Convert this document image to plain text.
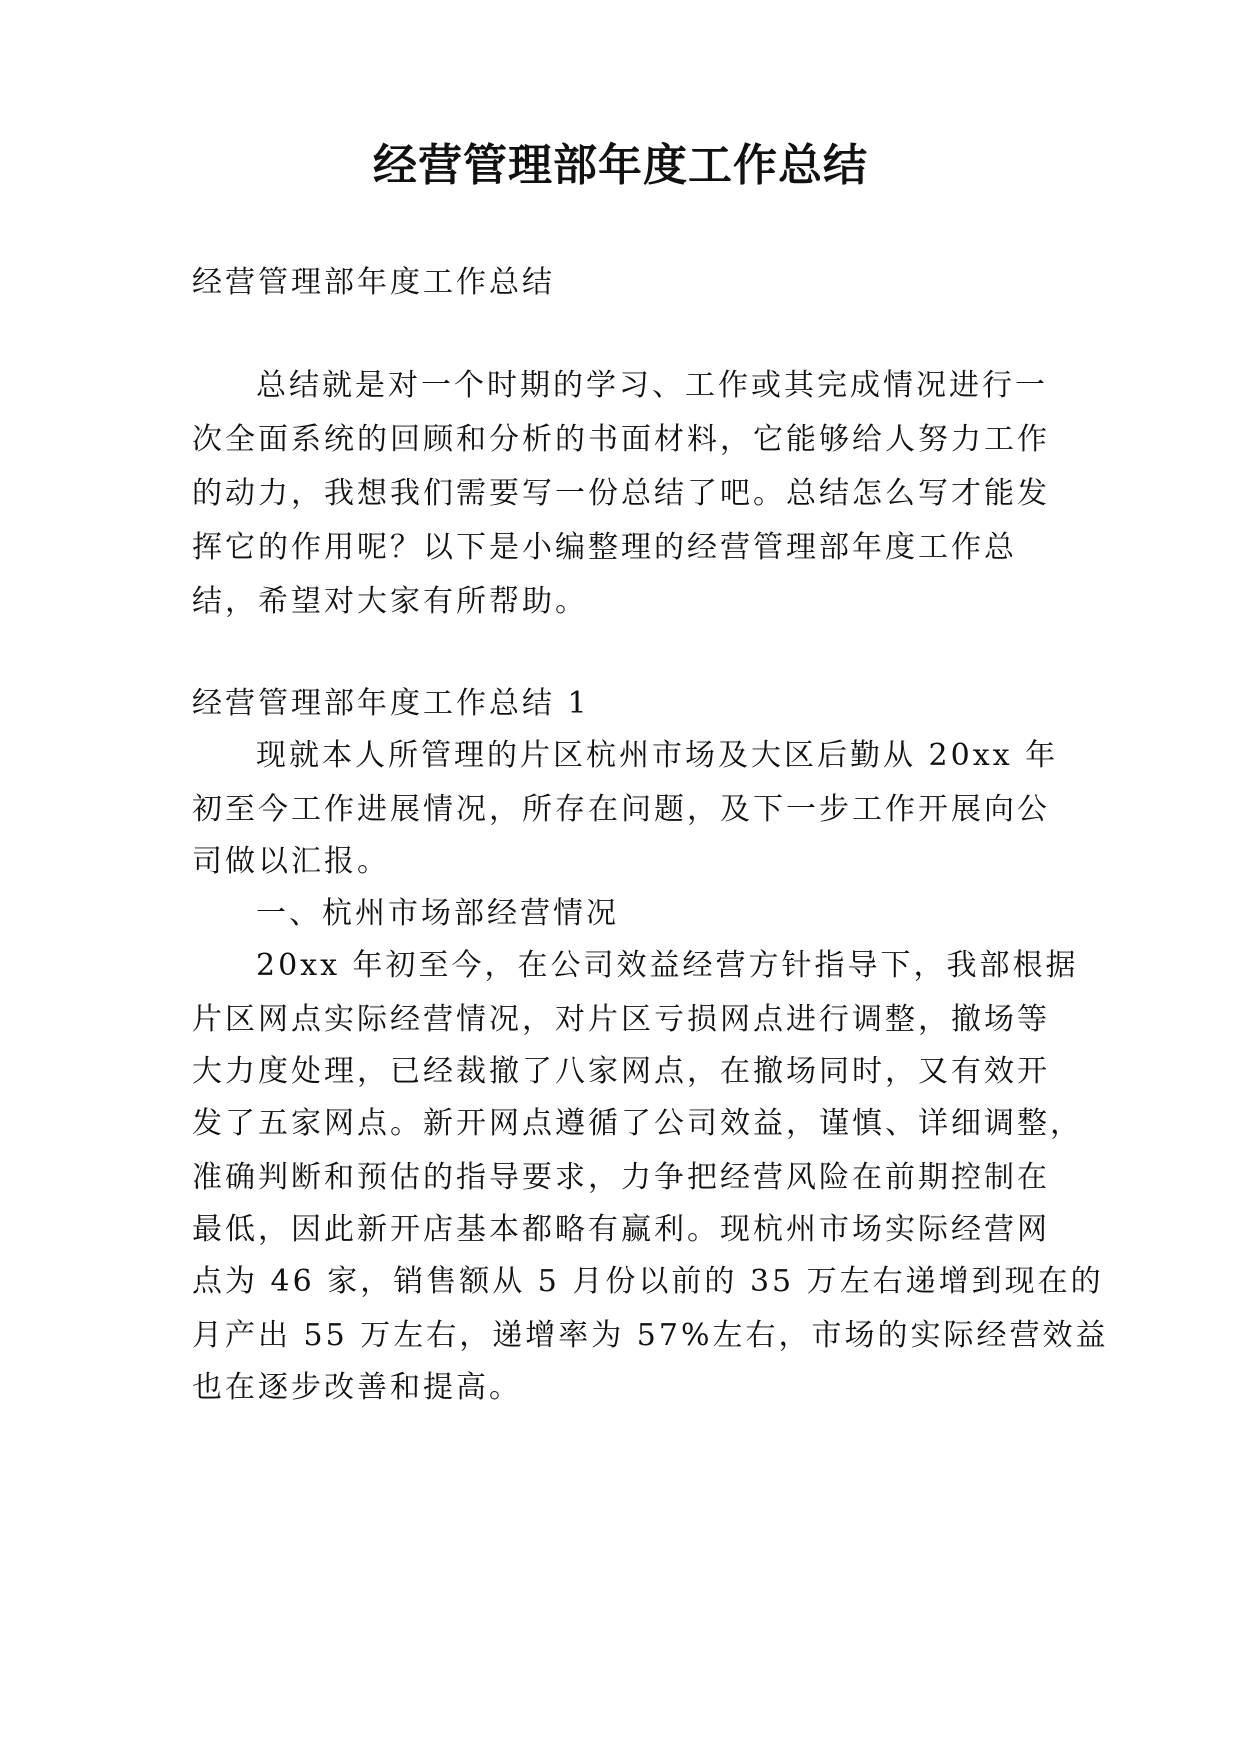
经营管理部年度工作总结
经营管理部年度工作总结
总结就是对一个时期的学习、工作或其完成情况进行一
次全面系统的回顾和分析的书面材料，它能够给人努力工作
的动力，我想我们需要写一份总结了吧。总结怎么写才能发
挥它的作用呢？以下是小编整理的经营管理部年度工作总
结，希望对大家有所帮助。
经营管理部年度工作总结 1
现就本人所管理的片区杭州市场及大区后勤从 20xx 年
初至今工作进展情况，所存在问题，及下一步工作开展向公
司做以汇报。
一、杭州市场部经营情况
20xx 年初至今，在公司效益经营方针指导下，我部根据
片区网点实际经营情况，对片区亏损网点进行调整，撤场等
大力度处理，已经裁撤了八家网点，在撤场同时，又有效开
发了五家网点。新开网点遵循了公司效益，谨慎、详细调整，
准确判断和预估的指导要求，力争把经营风险在前期控制在
最低，因此新开店基本都略有赢利。现杭州市场实际经营网
点为 46 家，销售额从 5 月份以前的 35 万左右递增到现在的
月产出 55 万左右，递增率为 57%左右，市场的实际经营效益
也在逐步改善和提高。
